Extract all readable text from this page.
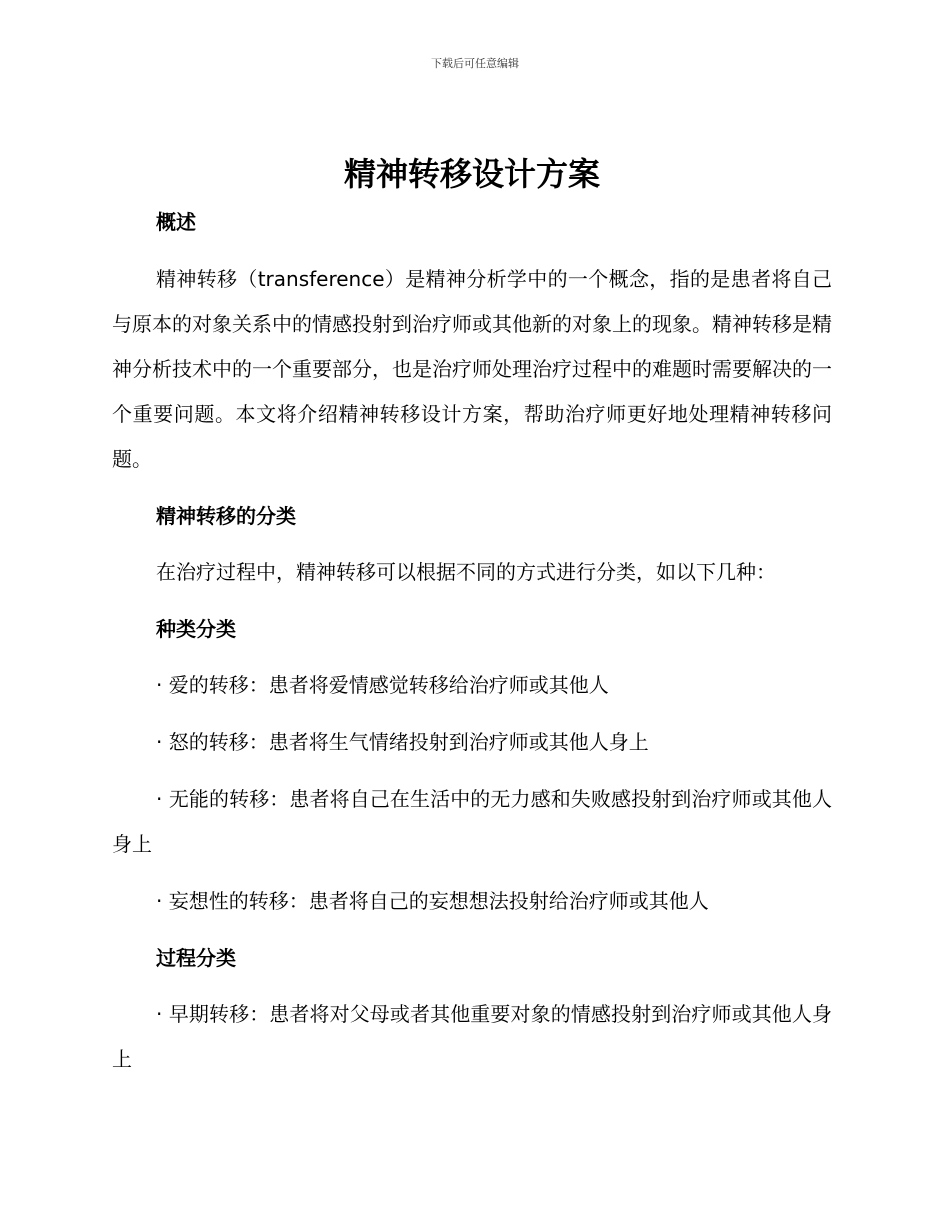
下载后可任意编辑
精神转移设计方案
概述

精神转移（transference）是精神分析学中的一个概念，指的是患者将自己与原本的对象关系中的情感投射到治疗师或其他新的对象上的现象。精神转移是精神分析技术中的一个重要部分，也是治疗师处理治疗过程中的难题时需要解决的一个重要问题。本文将介绍精神转移设计方案，帮助治疗师更好地处理精神转移问题。

精神转移的分类

在治疗过程中，精神转移可以根据不同的方式进行分类，如以下几种：

种类分类

· 爱的转移：患者将爱情感觉转移给治疗师或其他人

· 怒的转移：患者将生气情绪投射到治疗师或其他人身上

· 无能的转移：患者将自己在生活中的无力感和失败感投射到治疗师或其他人身上

· 妄想性的转移：患者将自己的妄想想法投射给治疗师或其他人

过程分类

· 早期转移：患者将对父母或者其他重要对象的情感投射到治疗师或其他人身上
